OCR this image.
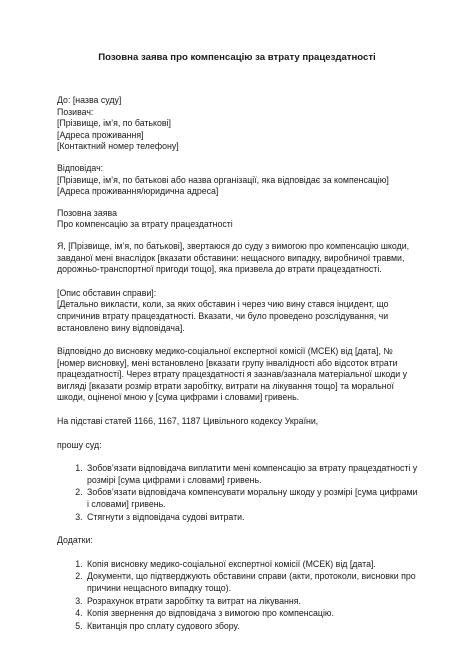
Позовна заява про компенсацію за втрату працездатності
До: [назва суду]
Позивач:
[Прізвище, ім’я, по батькові]
[Адреса проживання]
[Контактний номер телефону]
Відповідач:
[Прізвище, ім’я, по батькові або назва організації, яка відповідає за компенсацію]
[Адреса проживання/юридична адреса]
Позовна заява
Про компенсацію за втрату працездатності
Я, [Прізвище, ім’я, по батькові], звертаюся до суду з вимогою про компенсацію шкоди,
завданої мені внаслідок [вказати обставини: нещасного випадку, виробничої травми,
дорожньо-транспортної пригоди тощо], яка призвела до втрати працездатності.
[Опис обставин справи]:
[Детально викласти, коли, за яких обставин і через чию вину стався інцидент, що
спричинив втрату працездатності. Вказати, чи було проведено розслідування, чи
встановлено вину відповідача].
Відповідно до висновку медико-соціальної експертної комісії (МСЕК) від [дата], №
[номер висновку], мені встановлено [вказати групу інвалідності або відсоток втрати
працездатності]. Через втрату працездатності я зазнав/зазнала матеріальної шкоди у
вигляді [вказати розмір втрати заробітку, витрати на лікування тощо] та моральної
шкоди, оціненої мною у [сума цифрами і словами] гривень.
На підставі статей 1166, 1167, 1187 Цивільного кодексу України,
прошу суд:
1. Зобов’язати відповідача виплатити мені компенсацію за втрату працездатності у
розмірі [сума цифрами і словами] гривень.
2. Зобов’язати відповідача компенсувати моральну шкоду у розмірі [сума цифрами
і словами] гривень.
3. Стягнути з відповідача судові витрати.
Додатки:
1. Копія висновку медико-соціальної експертної комісії (МСЕК) від [дата].
2. Документи, що підтверджують обставини справи (акти, протоколи, висновки про
причини нещасного випадку тощо).
3. Розрахунок втрати заробітку та витрат на лікування.
4. Копія звернення до відповідача з вимогою про компенсацію.
5. Квитанція про сплату судового збору.
